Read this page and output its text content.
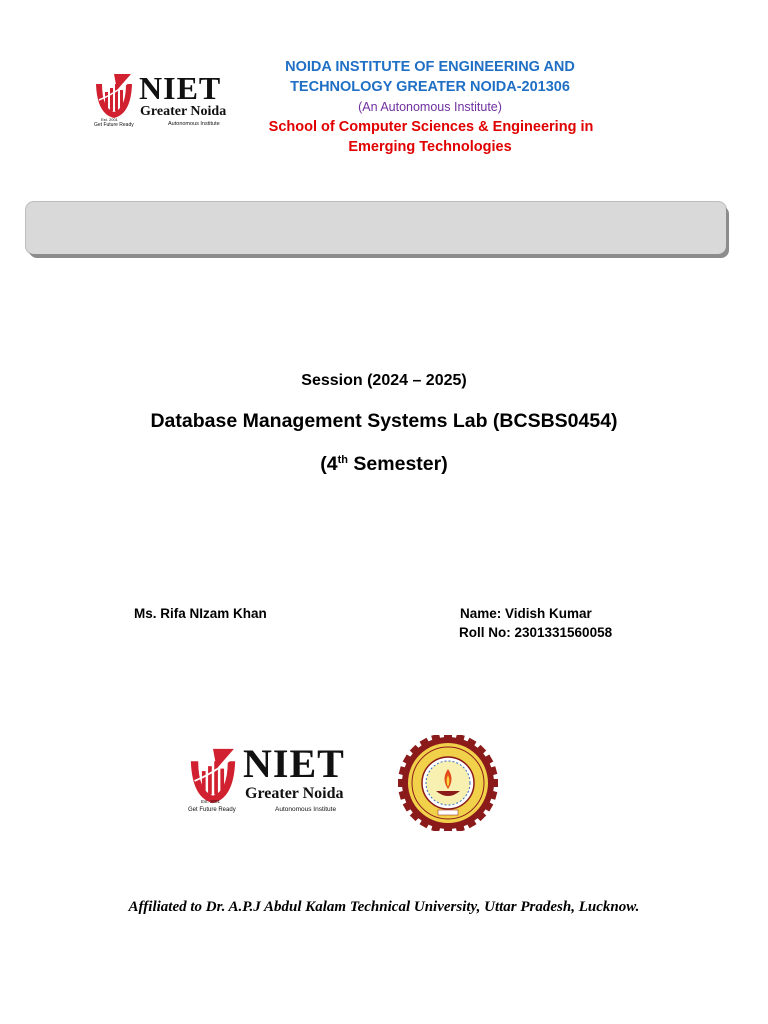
NIET
Greater Noida
Autonomous Institute
Est. 2001
Get Future Ready
NOIDA INSTITUTE OF ENGINEERING AND
TECHNOLOGY GREATER NOIDA-201306
(An Autonomous Institute)
School of Computer Sciences & Engineering in
Emerging Technologies
Session (2024 – 2025)
Database Management Systems Lab (BCSBS0454)
(4th Semester)
Ms. Rifa NIzam Khan	Name: Vidish Kumar
Roll No: 2301331560058
NIET
Greater Noida
Autonomous Institute
Est. 2001
Get Future Ready
Affiliated to Dr. A.P.J Abdul Kalam Technical University, Uttar Pradesh, Lucknow.
